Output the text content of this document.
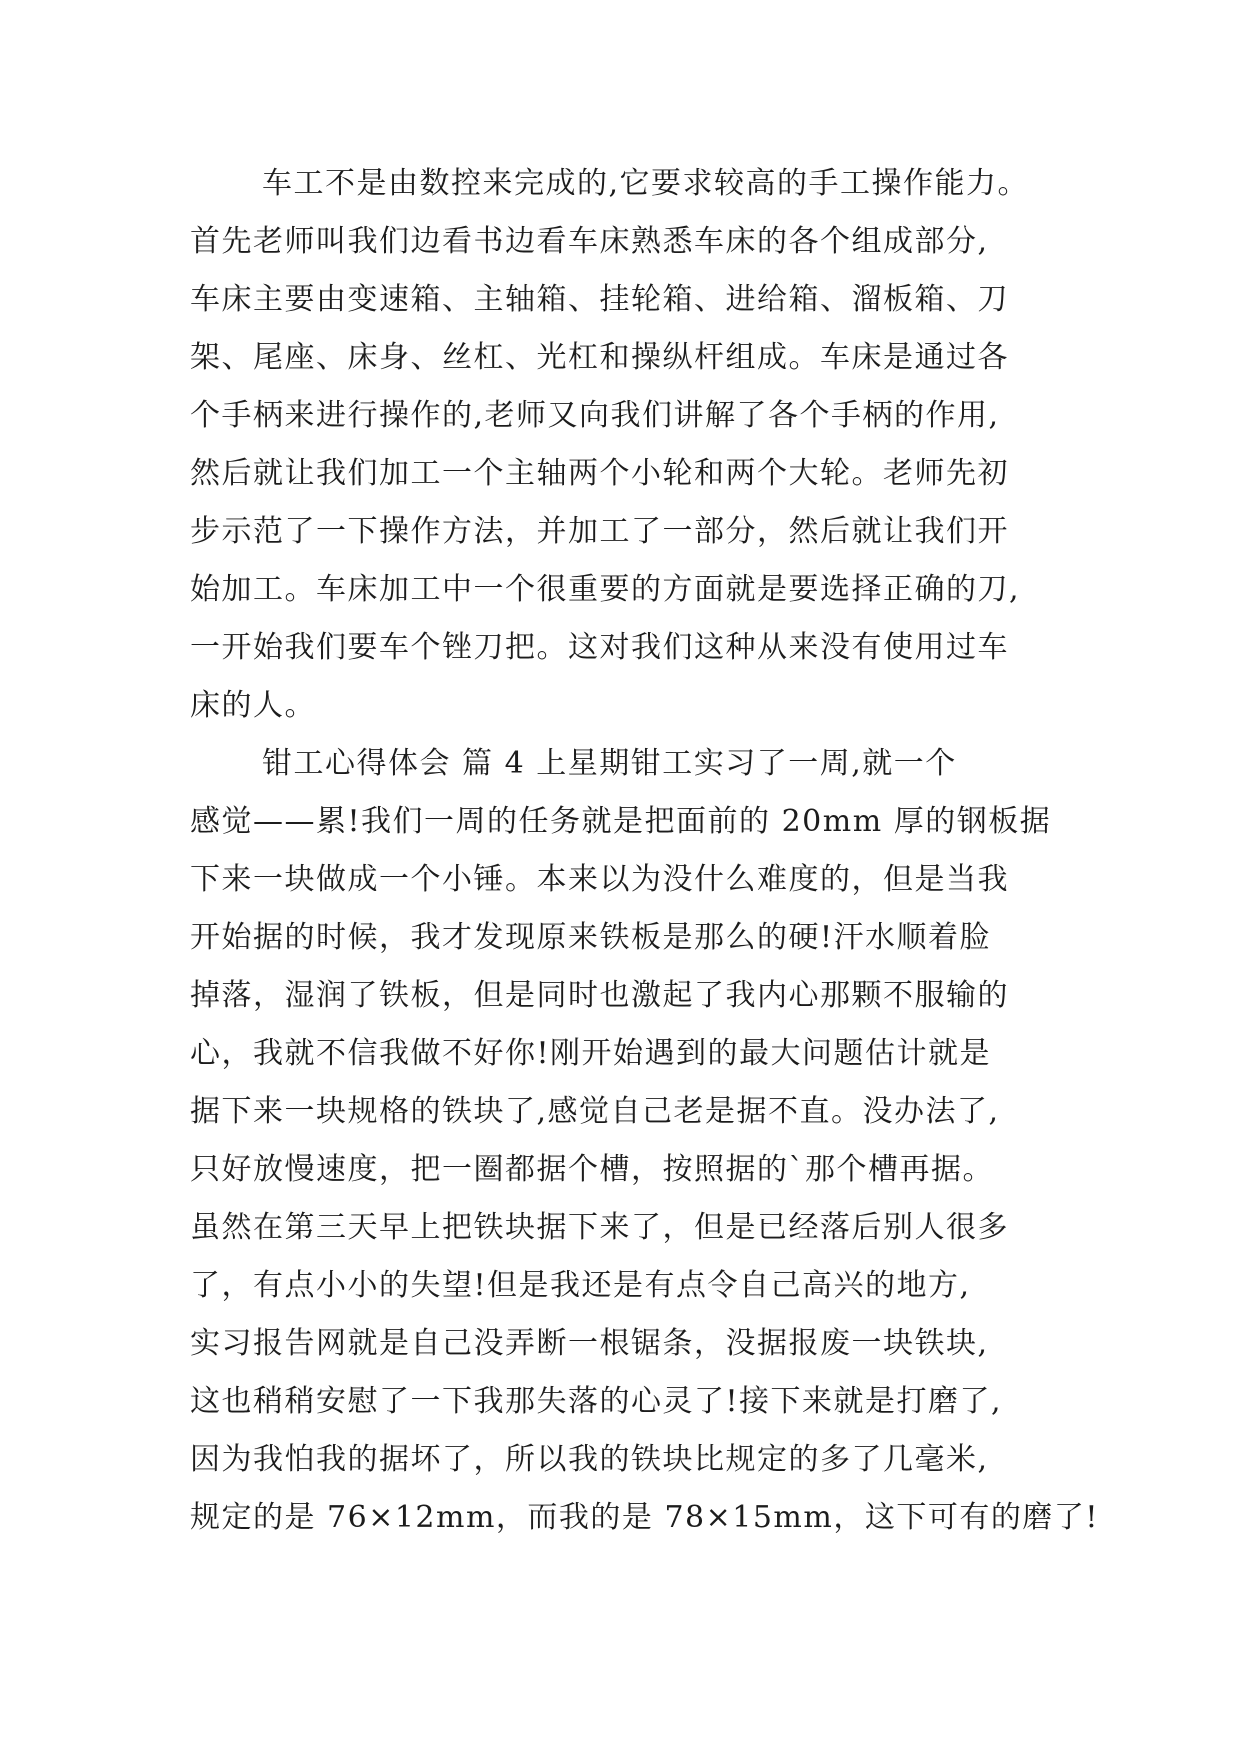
车工不是由数控来完成的,它要求较高的手工操作能力。
首先老师叫我们边看书边看车床熟悉车床的各个组成部分,
车床主要由变速箱、主轴箱、挂轮箱、进给箱、溜板箱、刀
架、尾座、床身、丝杠、光杠和操纵杆组成。车床是通过各
个手柄来进行操作的,老师又向我们讲解了各个手柄的作用,
然后就让我们加工一个主轴两个小轮和两个大轮。老师先初
步示范了一下操作方法，并加工了一部分，然后就让我们开
始加工。车床加工中一个很重要的方面就是要选择正确的刀,
一开始我们要车个锉刀把。这对我们这种从来没有使用过车
床的人。
钳工心得体会 篇 4 上星期钳工实习了一周,就一个
感觉——累!我们一周的任务就是把面前的 20mm 厚的钢板据
下来一块做成一个小锤。本来以为没什么难度的，但是当我
开始据的时候，我才发现原来铁板是那么的硬!汗水顺着脸
掉落，湿润了铁板，但是同时也激起了我内心那颗不服输的
心，我就不信我做不好你!刚开始遇到的最大问题估计就是
据下来一块规格的铁块了,感觉自己老是据不直。没办法了,
只好放慢速度，把一圈都据个槽，按照据的`那个槽再据。
虽然在第三天早上把铁块据下来了，但是已经落后别人很多
了，有点小小的失望!但是我还是有点令自己高兴的地方,
实习报告网就是自己没弄断一根锯条，没据报废一块铁块,
这也稍稍安慰了一下我那失落的心灵了!接下来就是打磨了,
因为我怕我的据坏了，所以我的铁块比规定的多了几毫米,
规定的是 76×12mm，而我的是 78×15mm，这下可有的磨了!
